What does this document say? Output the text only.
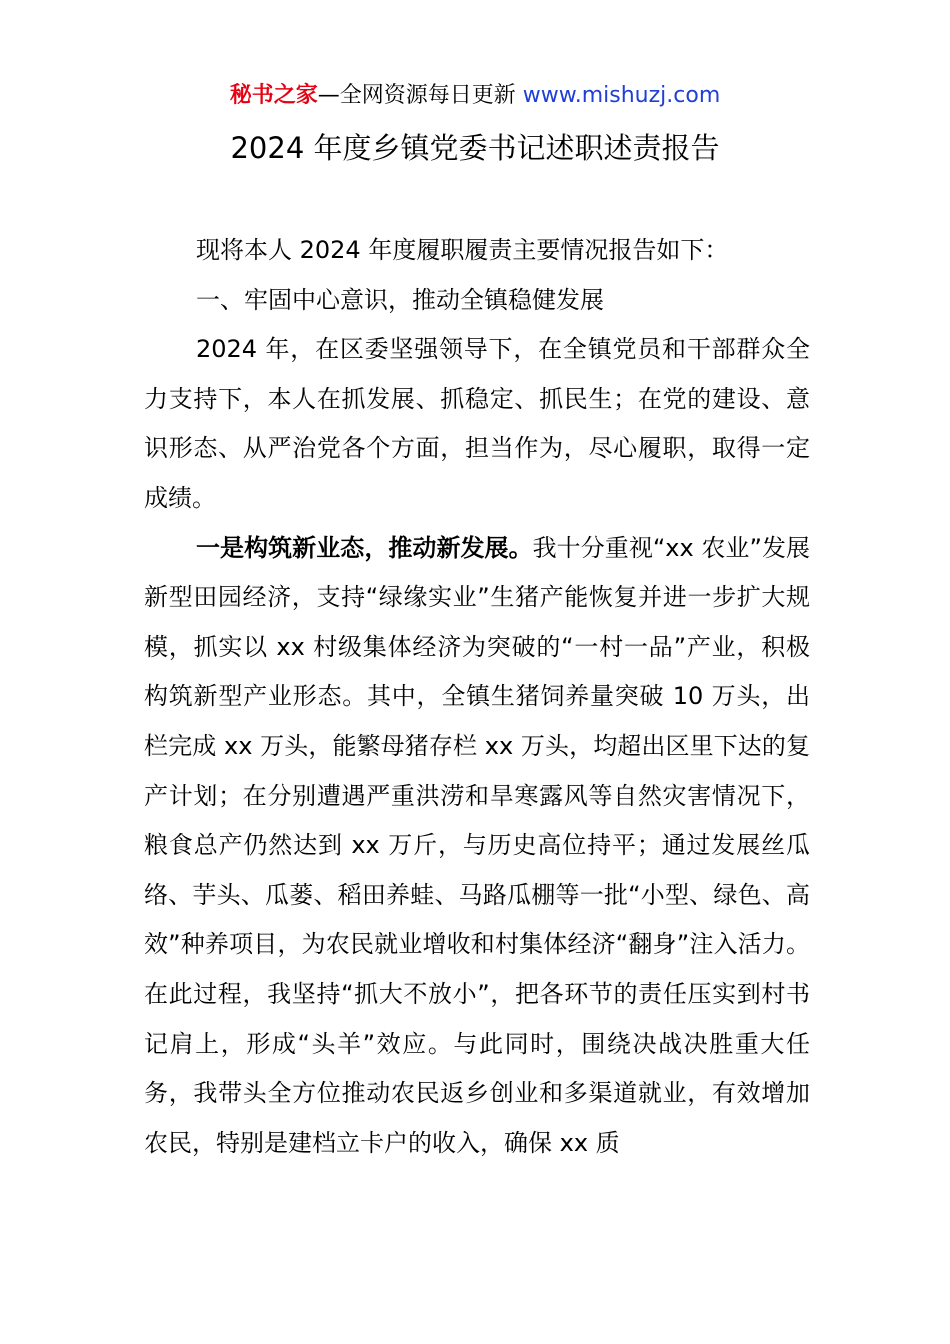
秘书之家—全网资源每日更新 www.mishuzj.com
2024 年度乡镇党委书记述职述责报告

现将本人 2024 年度履职履责主要情况报告如下：

一、牢固中心意识，推动全镇稳健发展

2024 年，在区委坚强领导下，在全镇党员和干部群众全力支持下，本人在抓发展、抓稳定、抓民生；在党的建设、意识形态、从严治党各个方面，担当作为，尽心履职，取得一定成绩。

一是构筑新业态，推动新发展。我十分重视“xx 农业”发展新型田园经济，支持“绿缘实业”生猪产能恢复并进一步扩大规模，抓实以 xx 村级集体经济为突破的“一村一品”产业，积极构筑新型产业形态。其中，全镇生猪饲养量突破 10 万头，出栏完成 xx 万头，能繁母猪存栏 xx 万头，均超出区里下达的复产计划；在分别遭遇严重洪涝和旱寒露风等自然灾害情况下，粮食总产仍然达到 xx 万斤，与历史高位持平；通过发展丝瓜络、芋头、瓜蒌、稻田养蛙、马路瓜棚等一批“小型、绿色、高效”种养项目，为农民就业增收和村集体经济“翻身”注入活力。在此过程，我坚持“抓大不放小”，把各环节的责任压实到村书记肩上，形成“头羊”效应。与此同时，围绕决战决胜重大任务，我带头全方位推动农民返乡创业和多渠道就业，有效增加农民，特别是建档立卡户的收入，确保 xx 质
